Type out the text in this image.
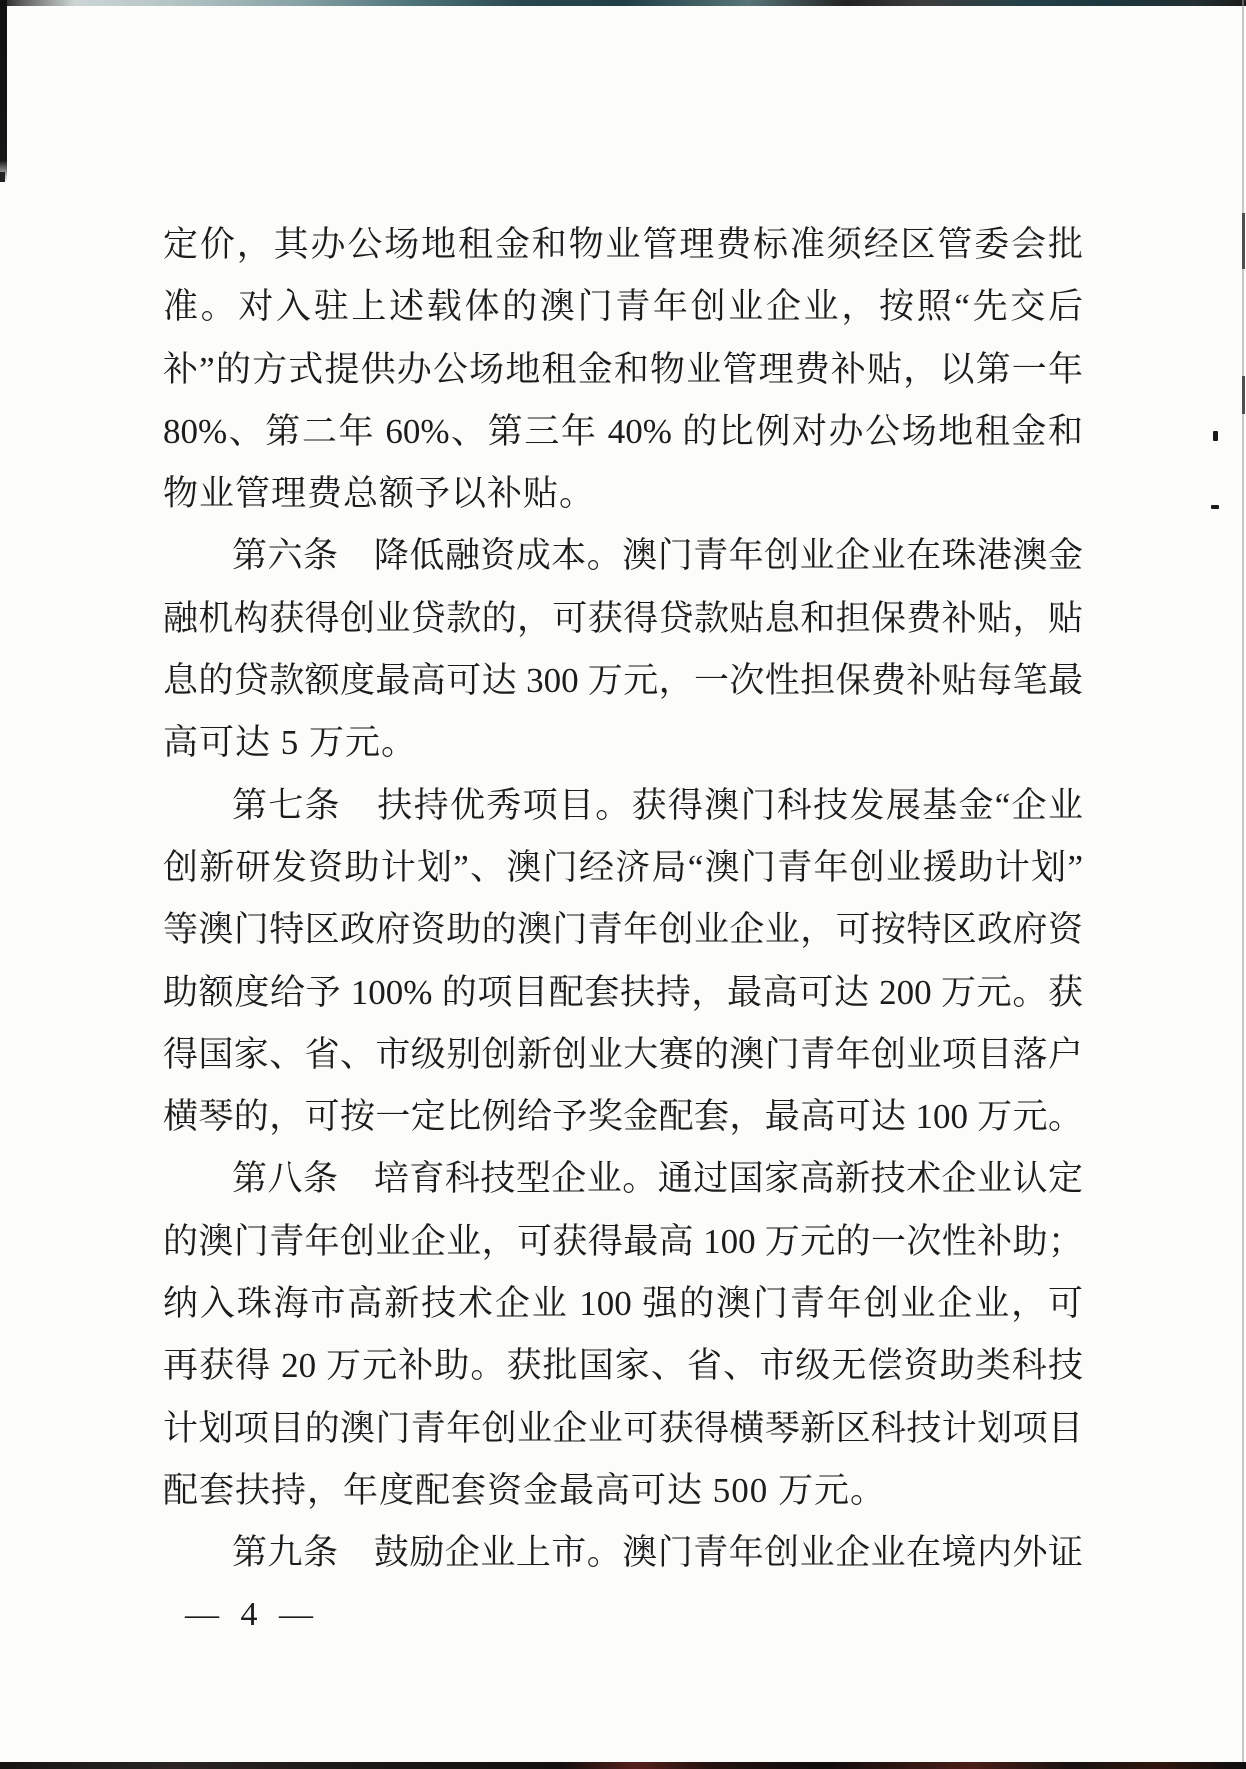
定价，其办公场地租金和物业管理费标准须经区管委会批
准。对入驻上述载体的澳门青年创业企业，按照“先交后
补”的方式提供办公场地租金和物业管理费补贴，以第一年
80%、第二年 60%、第三年 40% 的比例对办公场地租金和
物业管理费总额予以补贴。
第六条　降低融资成本。澳门青年创业企业在珠港澳金
融机构获得创业贷款的，可获得贷款贴息和担保费补贴，贴
息的贷款额度最高可达 300 万元，一次性担保费补贴每笔最
高可达 5 万元。
第七条　扶持优秀项目。获得澳门科技发展基金“企业
创新研发资助计划”、澳门经济局“澳门青年创业援助计划”
等澳门特区政府资助的澳门青年创业企业，可按特区政府资
助额度给予 100% 的项目配套扶持，最高可达 200 万元。获
得国家、省、市级别创新创业大赛的澳门青年创业项目落户
横琴的，可按一定比例给予奖金配套，最高可达 100 万元。
第八条　培育科技型企业。通过国家高新技术企业认定
的澳门青年创业企业，可获得最高 100 万元的一次性补助；
纳入珠海市高新技术企业 100 强的澳门青年创业企业，可
再获得 20 万元补助。获批国家、省、市级无偿资助类科技
计划项目的澳门青年创业企业可获得横琴新区科技计划项目
配套扶持，年度配套资金最高可达 500 万元。
第九条　鼓励企业上市。澳门青年创业企业在境内外证
— 4 —
